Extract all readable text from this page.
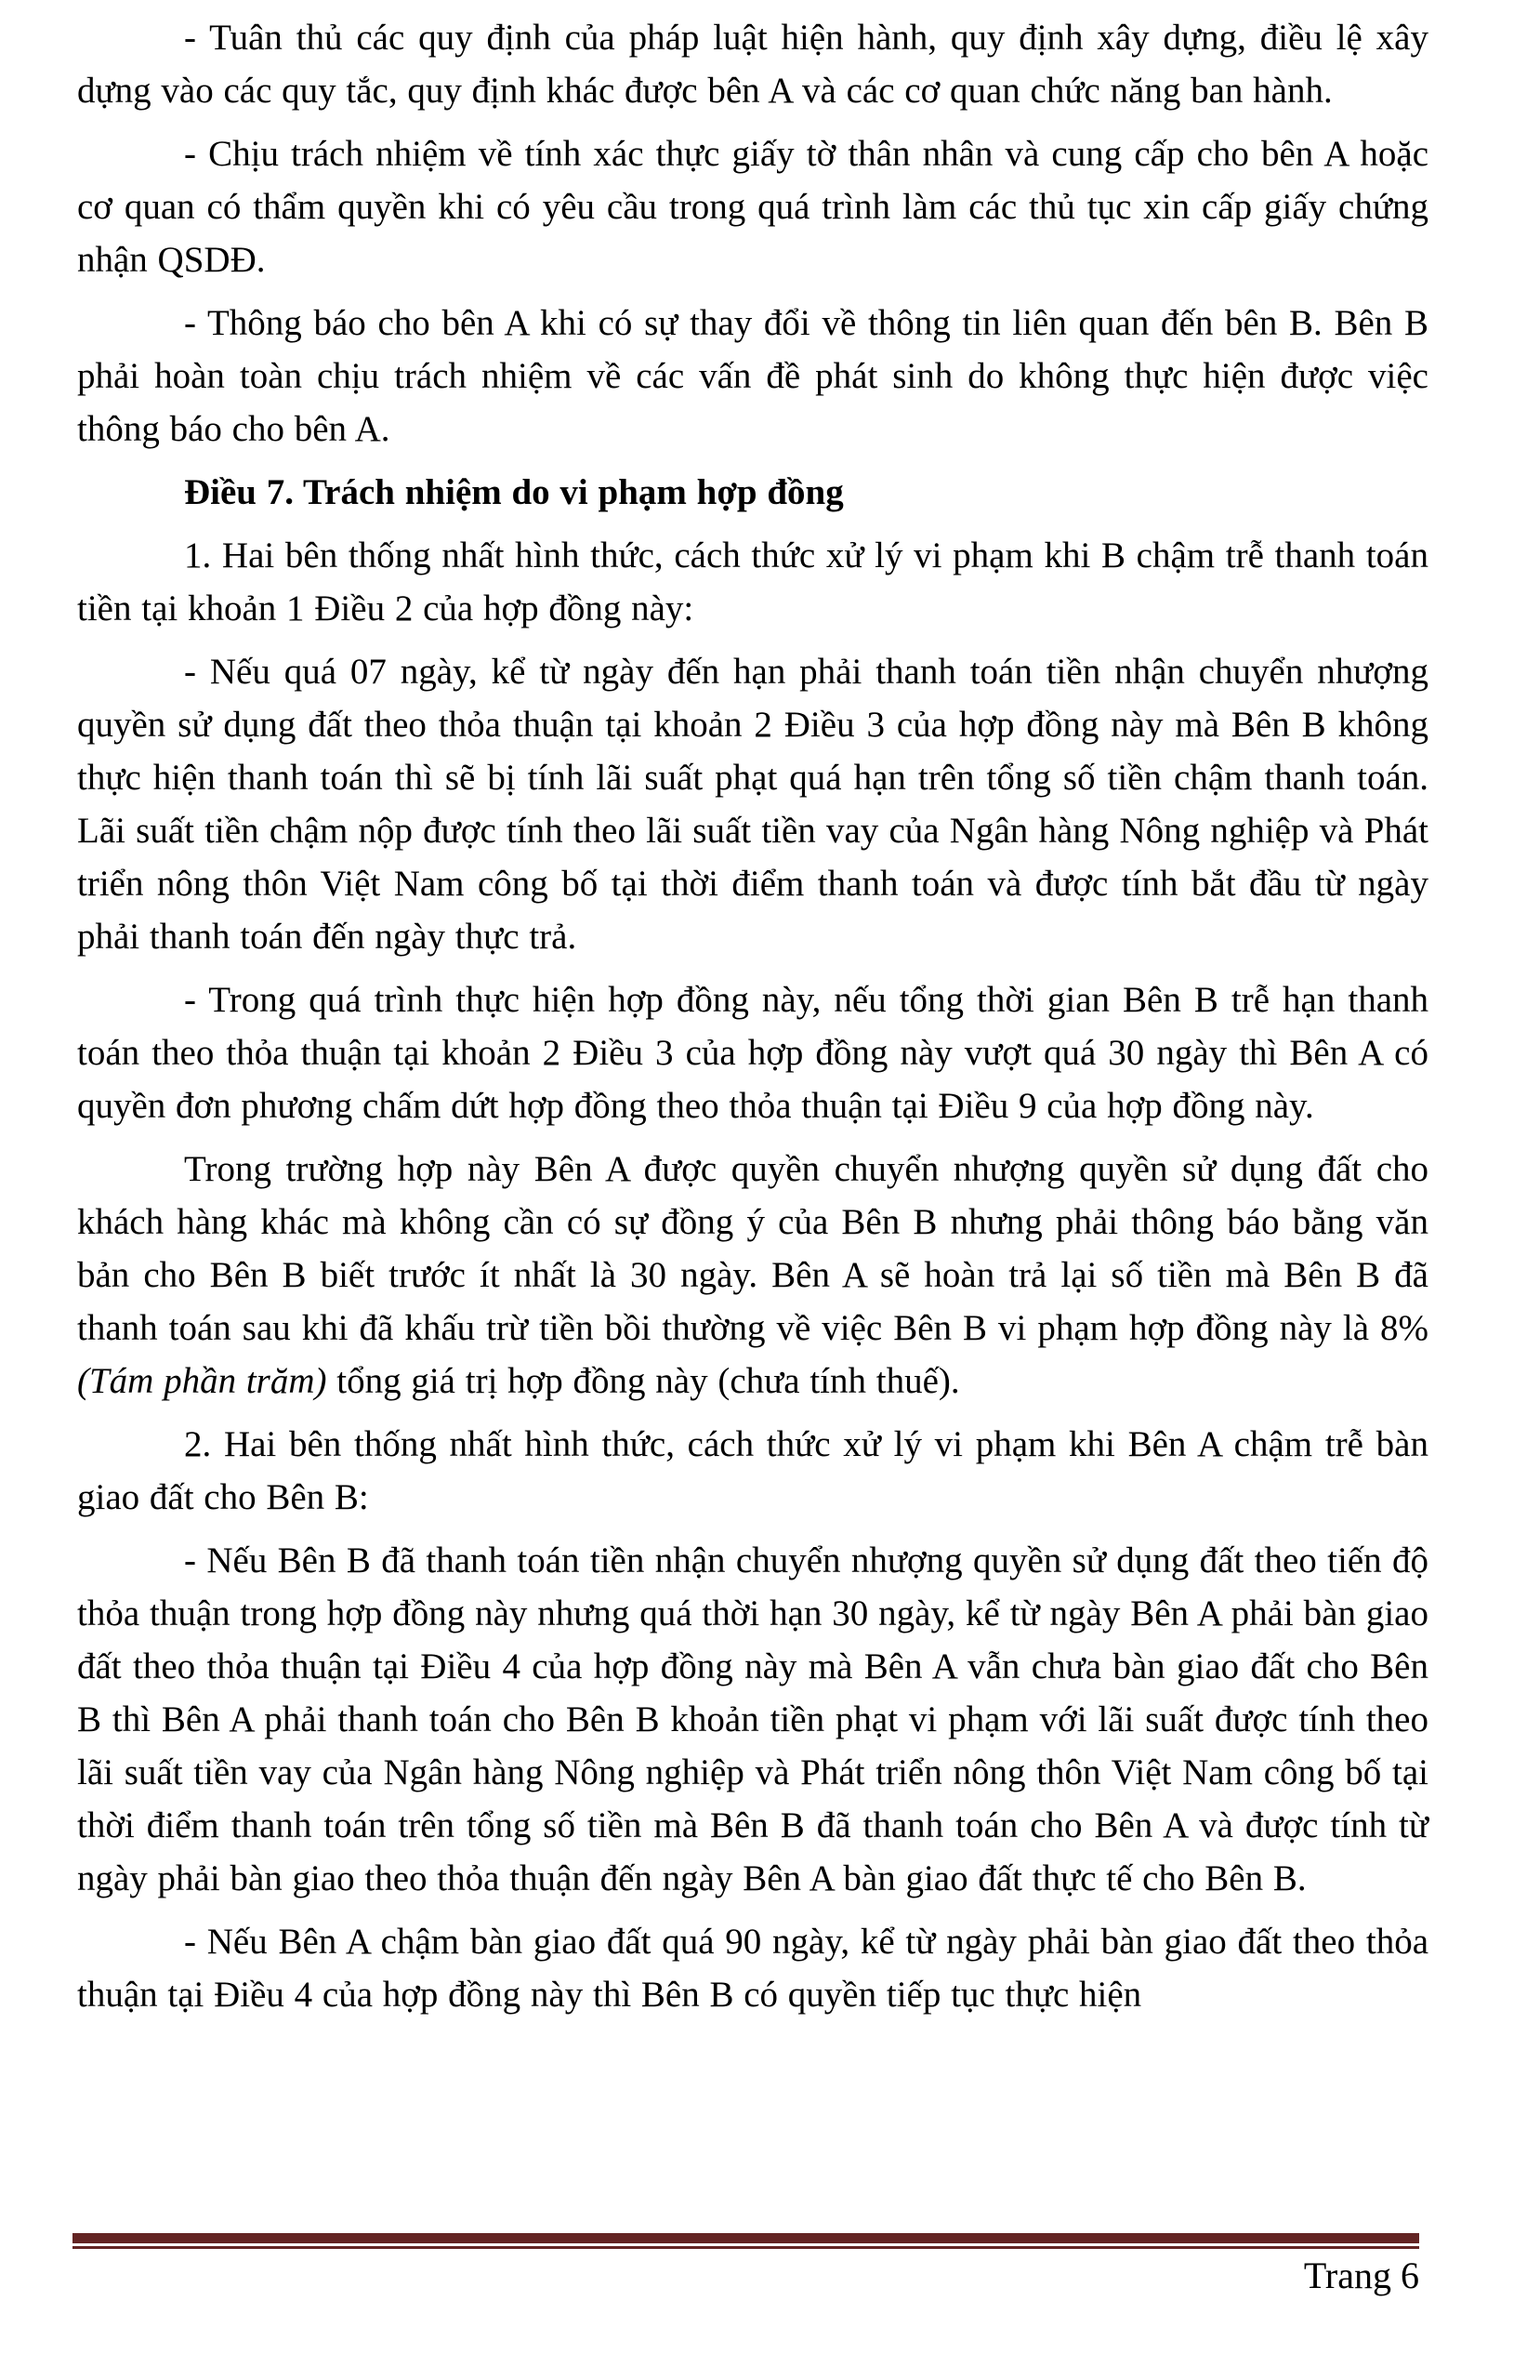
- Tuân thủ các quy định của pháp luật hiện hành, quy định xây dựng, điều lệ xây dựng vào các quy tắc, quy định khác được bên A và các cơ quan chức năng ban hành.

- Chịu trách nhiệm về tính xác thực giấy tờ thân nhân và cung cấp cho bên A hoặc cơ quan có thẩm quyền khi có yêu cầu trong quá trình làm các thủ tục xin cấp giấy chứng nhận QSDĐ.

- Thông báo cho bên A khi có sự thay đổi về thông tin liên quan đến bên B. Bên B phải hoàn toàn chịu trách nhiệm về các vấn đề phát sinh do không thực hiện được việc thông báo cho bên A.

Điều 7. Trách nhiệm do vi phạm hợp đồng

1. Hai bên thống nhất hình thức, cách thức xử lý vi phạm khi B chậm trễ thanh toán tiền tại khoản 1 Điều 2 của hợp đồng này:

- Nếu quá 07 ngày, kể từ ngày đến hạn phải thanh toán tiền nhận chuyển nhượng quyền sử dụng đất theo thỏa thuận tại khoản 2 Điều 3 của hợp đồng này mà Bên B không thực hiện thanh toán thì sẽ bị tính lãi suất phạt quá hạn trên tổng số tiền chậm thanh toán. Lãi suất tiền chậm nộp được tính theo lãi suất tiền vay của Ngân hàng Nông nghiệp và Phát triển nông thôn Việt Nam công bố tại thời điểm thanh toán và được tính bắt đầu từ ngày phải thanh toán đến ngày thực trả.

- Trong quá trình thực hiện hợp đồng này, nếu tổng thời gian Bên B trễ hạn thanh toán theo thỏa thuận tại khoản 2 Điều 3 của hợp đồng này vượt quá 30 ngày thì Bên A có quyền đơn phương chấm dứt hợp đồng theo thỏa thuận tại Điều 9 của hợp đồng này.

Trong trường hợp này Bên A được quyền chuyển nhượng quyền sử dụng đất cho khách hàng khác mà không cần có sự đồng ý của Bên B nhưng phải thông báo bằng văn bản cho Bên B biết trước ít nhất là 30 ngày. Bên A sẽ hoàn trả lại số tiền mà Bên B đã thanh toán sau khi đã khấu trừ tiền bồi thường về việc Bên B vi phạm hợp đồng này là 8% (Tám phần trăm) tổng giá trị hợp đồng này (chưa tính thuế).

2. Hai bên thống nhất hình thức, cách thức xử lý vi phạm khi Bên A chậm trễ bàn giao đất cho Bên B:

- Nếu Bên B đã thanh toán tiền nhận chuyển nhượng quyền sử dụng đất theo tiến độ thỏa thuận trong hợp đồng này nhưng quá thời hạn 30 ngày, kể từ ngày Bên A phải bàn giao đất theo thỏa thuận tại Điều 4 của hợp đồng này mà Bên A vẫn chưa bàn giao đất cho Bên B thì Bên A phải thanh toán cho Bên B khoản tiền phạt vi phạm với lãi suất được tính theo lãi suất tiền vay của Ngân hàng Nông nghiệp và Phát triển nông thôn Việt Nam công bố tại thời điểm thanh toán trên tổng số tiền mà Bên B đã thanh toán cho Bên A và được tính từ ngày phải bàn giao theo thỏa thuận đến ngày Bên A bàn giao đất thực tế cho Bên B.

- Nếu Bên A chậm bàn giao đất quá 90 ngày, kể từ ngày phải bàn giao đất theo thỏa thuận tại Điều 4 của hợp đồng này thì Bên B có quyền tiếp tục thực hiện

Trang 6
